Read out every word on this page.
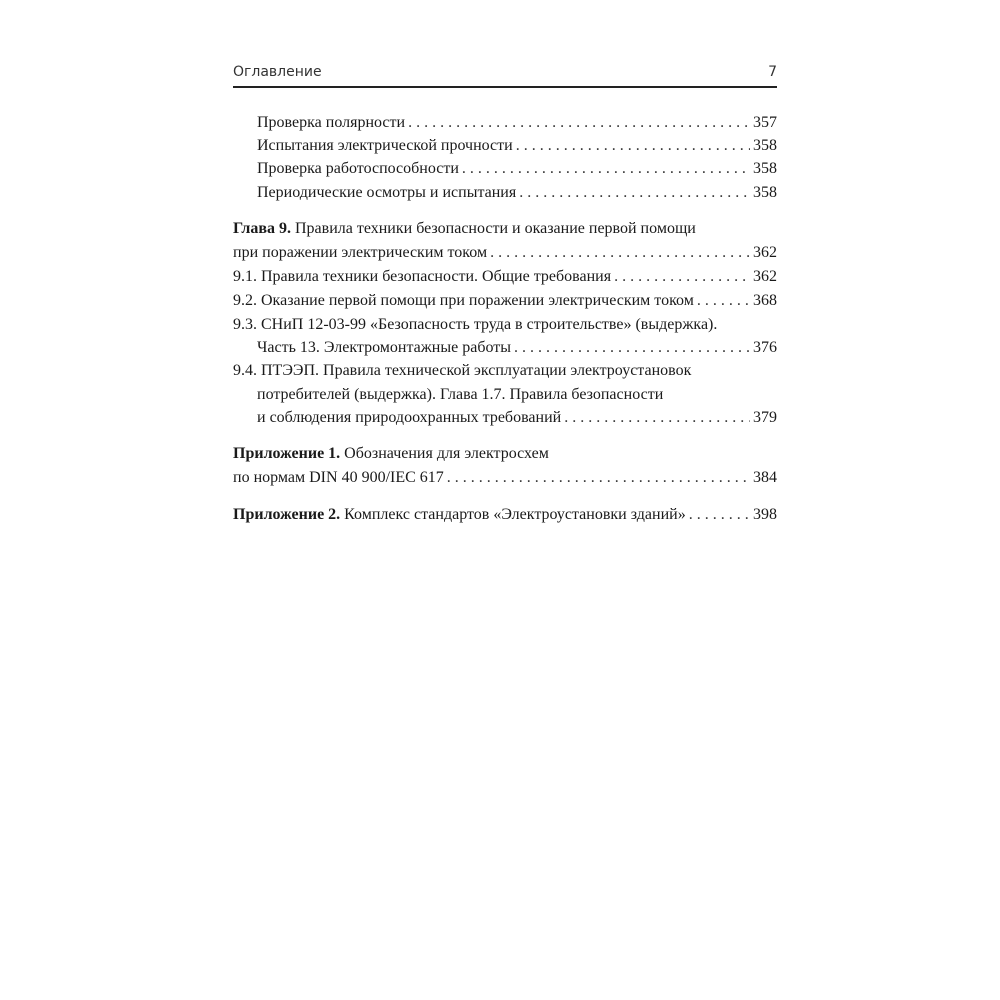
Оглавление	7
Проверка полярности . . .	357
Испытания электрической прочности . . .	358
Проверка работоспособности . . .	358
Периодические осмотры и испытания . . .	358
Глава 9. Правила техники безопасности и оказание первой помощи
при поражении электрическим током . . .	362
9.1. Правила техники безопасности. Общие требования . . .	362
9.2. Оказание первой помощи при поражении электрическим током . . .	368
9.3. СНиП 12-03-99 «Безопасность труда в строительстве» (выдержка).
Часть 13. Электромонтажные работы . . .	376
9.4. ПТЭЭП. Правила технической эксплуатации электроустановок
потребителей (выдержка). Глава 1.7. Правила безопасности
и соблюдения природоохранных требований . . .	379
Приложение 1. Обозначения для электросхем
по нормам DIN 40 900/IEC 617 . . .	384
Приложение 2. Комплекс стандартов «Электроустановки зданий» . . .	398
